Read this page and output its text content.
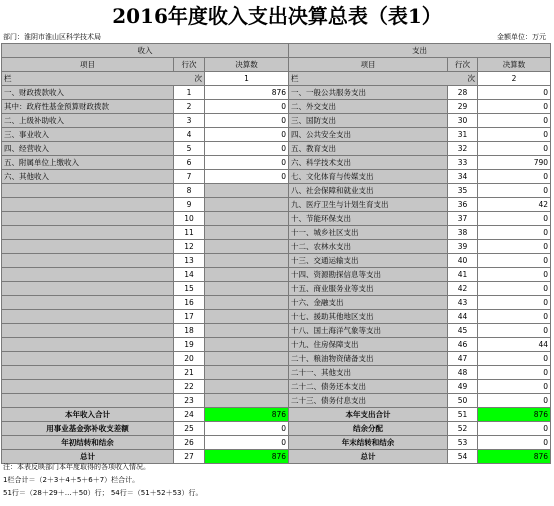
2016年度收入支出决算总表（表1）
部门：淮阴市淮山区科学技术局	金额单位：万元
收入			支出		
项目	行次	决算数	项目	行次	决算数
栏 次		1	栏 次		2
一、财政拨款收入	1	876	一、一般公共服务支出	28	0
其中：政府性基金预算财政拨款	2	0	二、外交支出	29	0
二、上级补助收入	3	0	三、国防支出	30	0
三、事业收入	4	0	四、公共安全支出	31	0
四、经营收入	5	0	五、教育支出	32	0
五、附属单位上缴收入	6	0	六、科学技术支出	33	790
六、其他收入	7	0	七、文化体育与传媒支出	34	0
	8		八、社会保障和就业支出	35	0
	9		九、医疗卫生与计划生育支出	36	42
	10		十、节能环保支出	37	0
	11		十一、城乡社区支出	38	0
	12		十二、农林水支出	39	0
	13		十三、交通运输支出	40	0
	14		十四、资源勘探信息等支出	41	0
	15		十五、商业服务业等支出	42	0
	16		十六、金融支出	43	0
	17		十七、援助其他地区支出	44	0
	18		十八、国土海洋气象等支出	45	0
	19		十九、住房保障支出	46	44
	20		二十、粮油物资储备支出	47	0
	21		二十一、其他支出	48	0
	22		二十二、债务还本支出	49	0
	23		二十三、债务付息支出	50	0
本年收入合计	24	876	本年支出合计	51	876
用事业基金弥补收支差额	25	0	结余分配	52	0
年初结转和结余	26	0	年末结转和结余	53	0
总计	27	876	总计	54	876
注：本表反映部门本年度取得的各项收入情况。
1栏合计＝（2＋3＋4＋5＋6＋7）栏合计。
51行＝（28＋29＋…＋50）行； 54行＝（51＋52＋53）行。
